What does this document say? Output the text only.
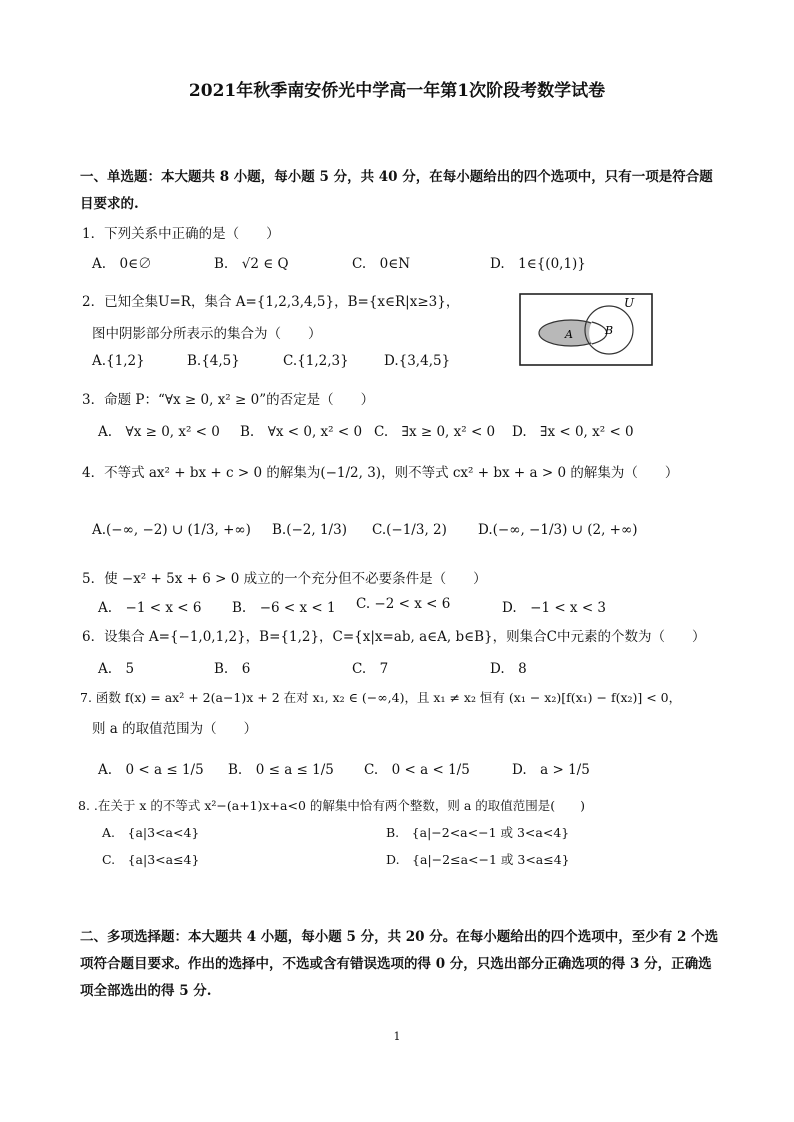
2021年秋季南安侨光中学高一年第1次阶段考数学试卷
一、单选题：本大题共 8 小题，每小题 5 分，共 40 分，在每小题给出的四个选项中，只有一项是符合题
目要求的.
1．下列关系中正确的是（　　）
A.　0∈∅	B.　√2 ∈ Q	C.　0∈N	D.　1∈{(0,1)}
2．已知全集U=R，集合 A={1,2,3,4,5}，B={x∈R|x≥3}，
图中阴影部分所表示的集合为（　　）
A.{1,2}	B.{4,5}	C.{1,2,3}	D.{3,4,5}
U
A	B
3．命题 P：“∀x ≥ 0, x² ≥ 0”的否定是（　　）
A.　∀x ≥ 0, x² < 0 B.　∀x < 0, x² < 0 C.　∃x ≥ 0, x² < 0 D.　∃x < 0, x² < 0
4．不等式 ax² + bx + c > 0 的解集为(−1/2, 3)，则不等式 cx² + bx + a > 0 的解集为（　　）
A.(−∞, −2) ∪ (1/3, +∞) B.(−2, 1/3) C.(−1/3, 2) D.(−∞, −1/3) ∪ (2, +∞)
5．使 −x² + 5x + 6 > 0 成立的一个充分但不必要条件是（　　）
A.　−1 < x < 6 B.　−6 < x < 1 C. −2 < x < 6	D.　−1 < x < 3
6．设集合 A={−1,0,1,2}，B={1,2}，C={x|x=ab, a∈A, b∈B}，则集合C中元素的个数为（　　）
A.　5	B.　6	C.　7	D.　8
7. 函数 f(x) = ax² + 2(a−1)x + 2 在对 x₁, x₂ ∈ (−∞,4)，且 x₁ ≠ x₂ 恒有 (x₁ − x₂)[f(x₁) − f(x₂)] < 0，
则 a 的取值范围为（　　）
A.　0 < a ≤ 1/5 B.　0 ≤ a ≤ 1/5 C.　0 < a < 1/5	D.　a > 1/5
8. .在关于 x 的不等式 x²−(a+1)x+a<0 的解集中恰有两个整数，则 a 的取值范围是(　　)
A.　{a|3<a<4}	B.　{a|−2<a<−1 或 3<a<4}
C.　{a|3<a≤4}	D.　{a|−2≤a<−1 或 3<a≤4}
二、多项选择题：本大题共 4 小题，每小题 5 分，共 20 分。在每小题给出的四个选项中，至少有 2 个选
项符合题目要求。作出的选择中，不选或含有错误选项的得 0 分，只选出部分正确选项的得 3 分，正确选
项全部选出的得 5 分.
1
